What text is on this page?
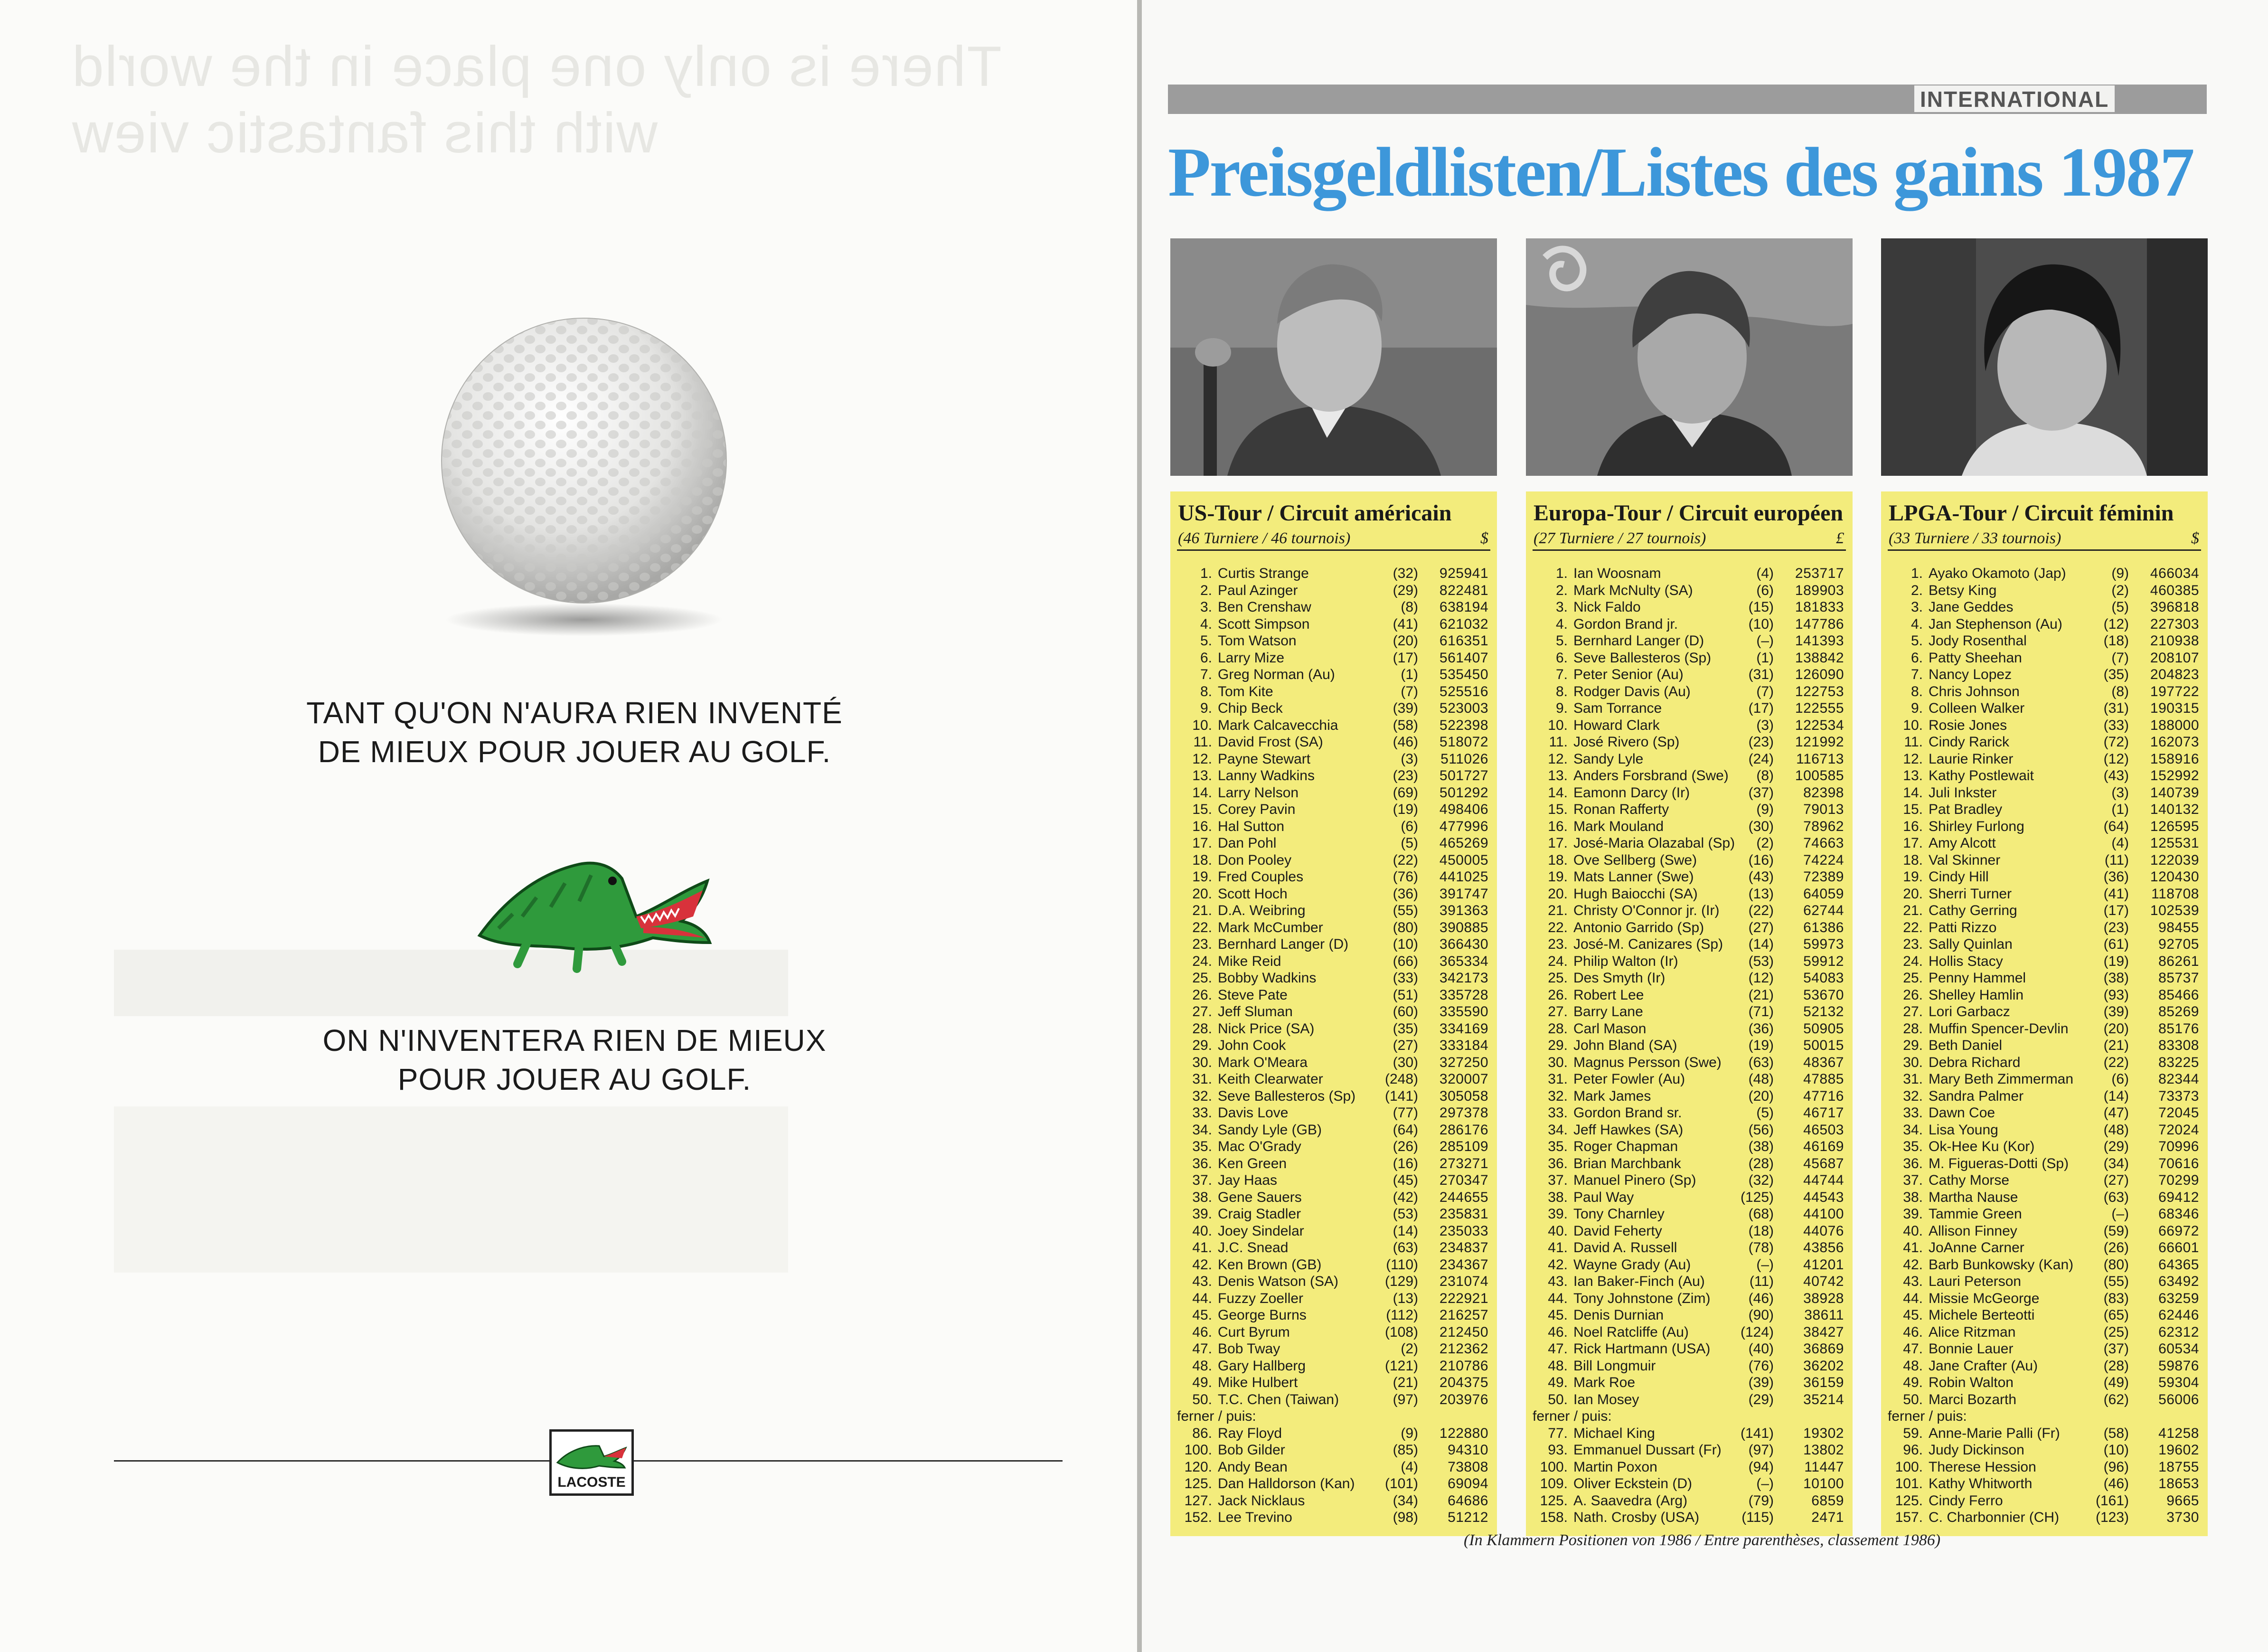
There is only one place in the world
with this fantastic view
TANT QU'ON N'AURA RIEN INVENTÉ
DE MIEUX POUR JOUER AU GOLF.
ON N'INVENTERA RIEN DE MIEUX
POUR JOUER AU GOLF.
LACOSTE
INTERNATIONAL
Preisgeldlisten/Listes des gains 1987
US-Tour / Circuit américain
(46 Turniere / 46 tournois)	$
1. Curtis Strange	(32)	925941
2. Paul Azinger	(29)	822481
3. Ben Crenshaw	(8)	638194
4. Scott Simpson	(41)	621032
5. Tom Watson	(20)	616351
6. Larry Mize	(17)	561407
7. Greg Norman (Au)	(1)	535450
8. Tom Kite	(7)	525516
9. Chip Beck	(39)	523003
10. Mark Calcavecchia	(58)	522398
11. David Frost (SA)	(46)	518072
12. Payne Stewart	(3)	511026
13. Lanny Wadkins	(23)	501727
14. Larry Nelson	(69)	501292
15. Corey Pavin	(19)	498406
16. Hal Sutton	(6)	477996
17. Dan Pohl	(5)	465269
18. Don Pooley	(22)	450005
19. Fred Couples	(76)	441025
20. Scott Hoch	(36)	391747
21. D.A. Weibring	(55)	391363
22. Mark McCumber	(80)	390885
23. Bernhard Langer (D)	(10)	366430
24. Mike Reid	(66)	365334
25. Bobby Wadkins	(33)	342173
26. Steve Pate	(51)	335728
27. Jeff Sluman	(60)	335590
28. Nick Price (SA)	(35)	334169
29. John Cook	(27)	333184
30. Mark O'Meara	(30)	327250
31. Keith Clearwater	(248)	320007
32. Seve Ballesteros (Sp)	(141)	305058
33. Davis Love	(77)	297378
34. Sandy Lyle (GB)	(64)	286176
35. Mac O'Grady	(26)	285109
36. Ken Green	(16)	273271
37. Jay Haas	(45)	270347
38. Gene Sauers	(42)	244655
39. Craig Stadler	(53)	235831
40. Joey Sindelar	(14)	235033
41. J.C. Snead	(63)	234837
42. Ken Brown (GB)	(110)	234367
43. Denis Watson (SA)	(129)	231074
44. Fuzzy Zoeller	(13)	222921
45. George Burns	(112)	216257
46. Curt Byrum	(108)	212450
47. Bob Tway	(2)	212362
48. Gary Hallberg	(121)	210786
49. Mike Hulbert	(21)	204375
50. T.C. Chen (Taiwan)	(97)	203976
ferner / puis:
86. Ray Floyd	(9)	122880
100. Bob Gilder	(85)	94310
120. Andy Bean	(4)	73808
125. Dan Halldorson (Kan)	(101)	69094
127. Jack Nicklaus	(34)	64686
152. Lee Trevino	(98)	51212
Europa-Tour / Circuit européen
(27 Turniere / 27 tournois)	£
1. Ian Woosnam	(4)	253717
2. Mark McNulty (SA)	(6)	189903
3. Nick Faldo	(15)	181833
4. Gordon Brand jr.	(10)	147786
5. Bernhard Langer (D)	(–)	141393
6. Seve Ballesteros (Sp)	(1)	138842
7. Peter Senior (Au)	(31)	126090
8. Rodger Davis (Au)	(7)	122753
9. Sam Torrance	(17)	122555
10. Howard Clark	(3)	122534
11. José Rivero (Sp)	(23)	121992
12. Sandy Lyle	(24)	116713
13. Anders Forsbrand (Swe)	(8)	100585
14. Eamonn Darcy (Ir)	(37)	82398
15. Ronan Rafferty	(9)	79013
16. Mark Mouland	(30)	78962
17. José-Maria Olazabal (Sp)	(2)	74663
18. Ove Sellberg (Swe)	(16)	74224
19. Mats Lanner (Swe)	(43)	72389
20. Hugh Baiocchi (SA)	(13)	64059
21. Christy O'Connor jr. (Ir)	(22)	62744
22. Antonio Garrido (Sp)	(27)	61386
23. José-M. Canizares (Sp)	(14)	59973
24. Philip Walton (Ir)	(53)	59912
25. Des Smyth (Ir)	(12)	54083
26. Robert Lee	(21)	53670
27. Barry Lane	(71)	52132
28. Carl Mason	(36)	50905
29. John Bland (SA)	(19)	50015
30. Magnus Persson (Swe)	(63)	48367
31. Peter Fowler (Au)	(48)	47885
32. Mark James	(20)	47716
33. Gordon Brand sr.	(5)	46717
34. Jeff Hawkes (SA)	(56)	46503
35. Roger Chapman	(38)	46169
36. Brian Marchbank	(28)	45687
37. Manuel Pinero (Sp)	(32)	44744
38. Paul Way	(125)	44543
39. Tony Charnley	(68)	44100
40. David Feherty	(18)	44076
41. David A. Russell	(78)	43856
42. Wayne Grady (Au)	(–)	41201
43. Ian Baker-Finch (Au)	(11)	40742
44. Tony Johnstone (Zim)	(46)	38928
45. Denis Durnian	(90)	38611
46. Noel Ratcliffe (Au)	(124)	38427
47. Rick Hartmann (USA)	(40)	36869
48. Bill Longmuir	(76)	36202
49. Mark Roe	(39)	36159
50. Ian Mosey	(29)	35214
ferner / puis:
77. Michael King	(141)	19302
93. Emmanuel Dussart (Fr)	(97)	13802
100. Martin Poxon	(94)	11447
109. Oliver Eckstein (D)	(–)	10100
125. A. Saavedra (Arg)	(79)	6859
158. Nath. Crosby (USA)	(115)	2471
LPGA-Tour / Circuit féminin
(33 Turniere / 33 tournois)	$
1. Ayako Okamoto (Jap)	(9)	466034
2. Betsy King	(2)	460385
3. Jane Geddes	(5)	396818
4. Jan Stephenson (Au)	(12)	227303
5. Jody Rosenthal	(18)	210938
6. Patty Sheehan	(7)	208107
7. Nancy Lopez	(35)	204823
8. Chris Johnson	(8)	197722
9. Colleen Walker	(31)	190315
10. Rosie Jones	(33)	188000
11. Cindy Rarick	(72)	162073
12. Laurie Rinker	(12)	158916
13. Kathy Postlewait	(43)	152992
14. Juli Inkster	(3)	140739
15. Pat Bradley	(1)	140132
16. Shirley Furlong	(64)	126595
17. Amy Alcott	(4)	125531
18. Val Skinner	(11)	122039
19. Cindy Hill	(36)	120430
20. Sherri Turner	(41)	118708
21. Cathy Gerring	(17)	102539
22. Patti Rizzo	(23)	98455
23. Sally Quinlan	(61)	92705
24. Hollis Stacy	(19)	86261
25. Penny Hammel	(38)	85737
26. Shelley Hamlin	(93)	85466
27. Lori Garbacz	(39)	85269
28. Muffin Spencer-Devlin	(20)	85176
29. Beth Daniel	(21)	83308
30. Debra Richard	(22)	83225
31. Mary Beth Zimmerman	(6)	82344
32. Sandra Palmer	(14)	73373
33. Dawn Coe	(47)	72045
34. Lisa Young	(48)	72024
35. Ok-Hee Ku (Kor)	(29)	70996
36. M. Figueras-Dotti (Sp)	(34)	70616
37. Cathy Morse	(27)	70299
38. Martha Nause	(63)	69412
39. Tammie Green	(–)	68346
40. Allison Finney	(59)	66972
41. JoAnne Carner	(26)	66601
42. Barb Bunkowsky (Kan)	(80)	64365
43. Lauri Peterson	(55)	63492
44. Missie McGeorge	(83)	63259
45. Michele Berteotti	(65)	62446
46. Alice Ritzman	(25)	62312
47. Bonnie Lauer	(37)	60534
48. Jane Crafter (Au)	(28)	59876
49. Robin Walton	(49)	59304
50. Marci Bozarth	(62)	56006
ferner / puis:
59. Anne-Marie Palli (Fr)	(58)	41258
96. Judy Dickinson	(10)	19602
100. Therese Hession	(96)	18755
101. Kathy Whitworth	(46)	18653
125. Cindy Ferro	(161)	9665
157. C. Charbonnier (CH)	(123)	3730
(In Klammern Positionen von 1986 / Entre parenthèses, classement 1986)
